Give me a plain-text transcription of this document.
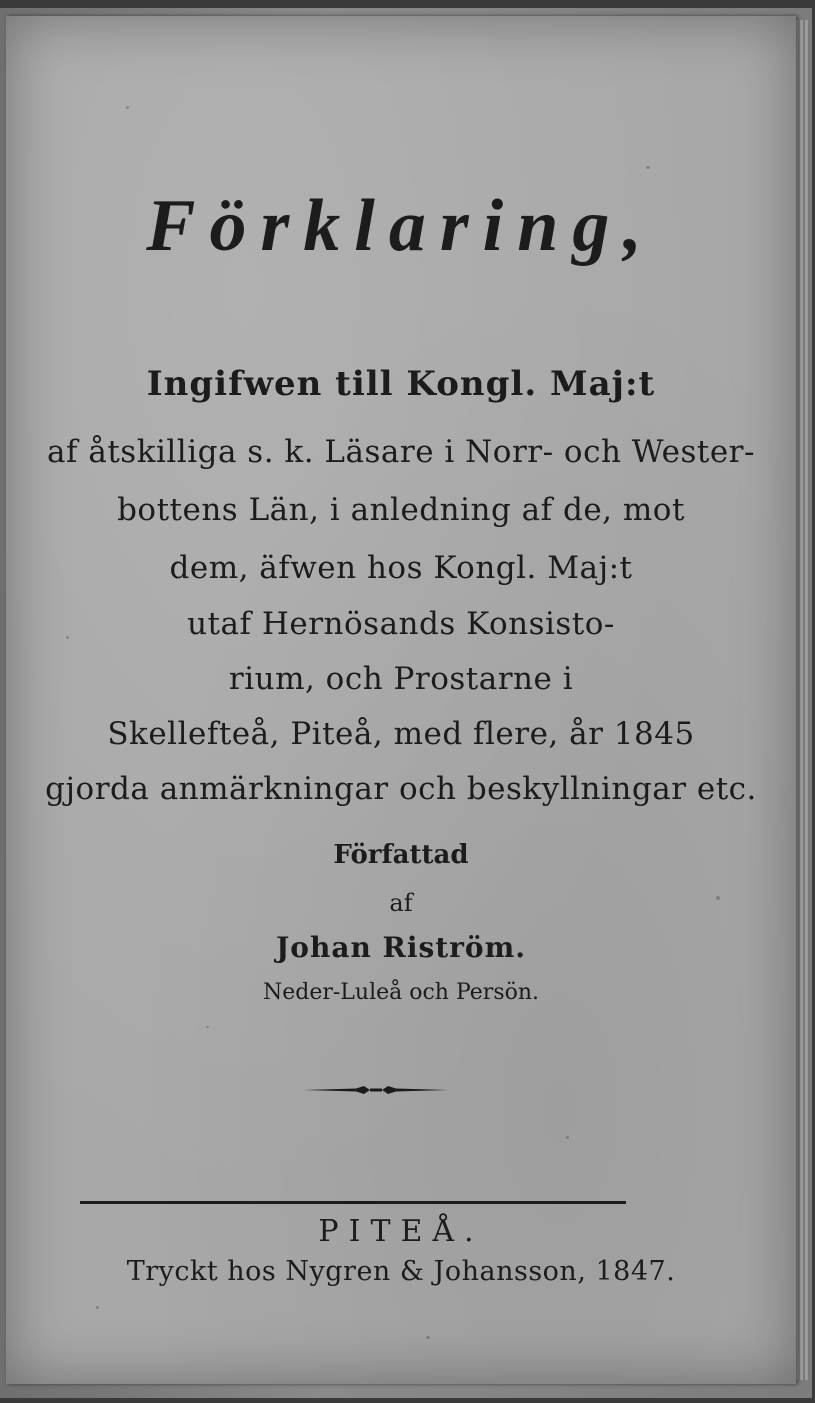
Förklaring,
Ingifwen till Kongl. Maj:t
af åtskilliga s. k. Läsare i Norr- och Wester-
bottens Län, i anledning af de, mot
dem, äfwen hos Kongl. Maj:t
utaf Hernösands Konsisto-
rium, och Prostarne i
Skellefteå, Piteå, med flere, år 1845
gjorda anmärkningar och beskyllningar etc.
Författad
af
Johan Riström.
Neder-Luleå och Persön.
PITEÅ.
Tryckt hos Nygren & Johansson, 1847.
